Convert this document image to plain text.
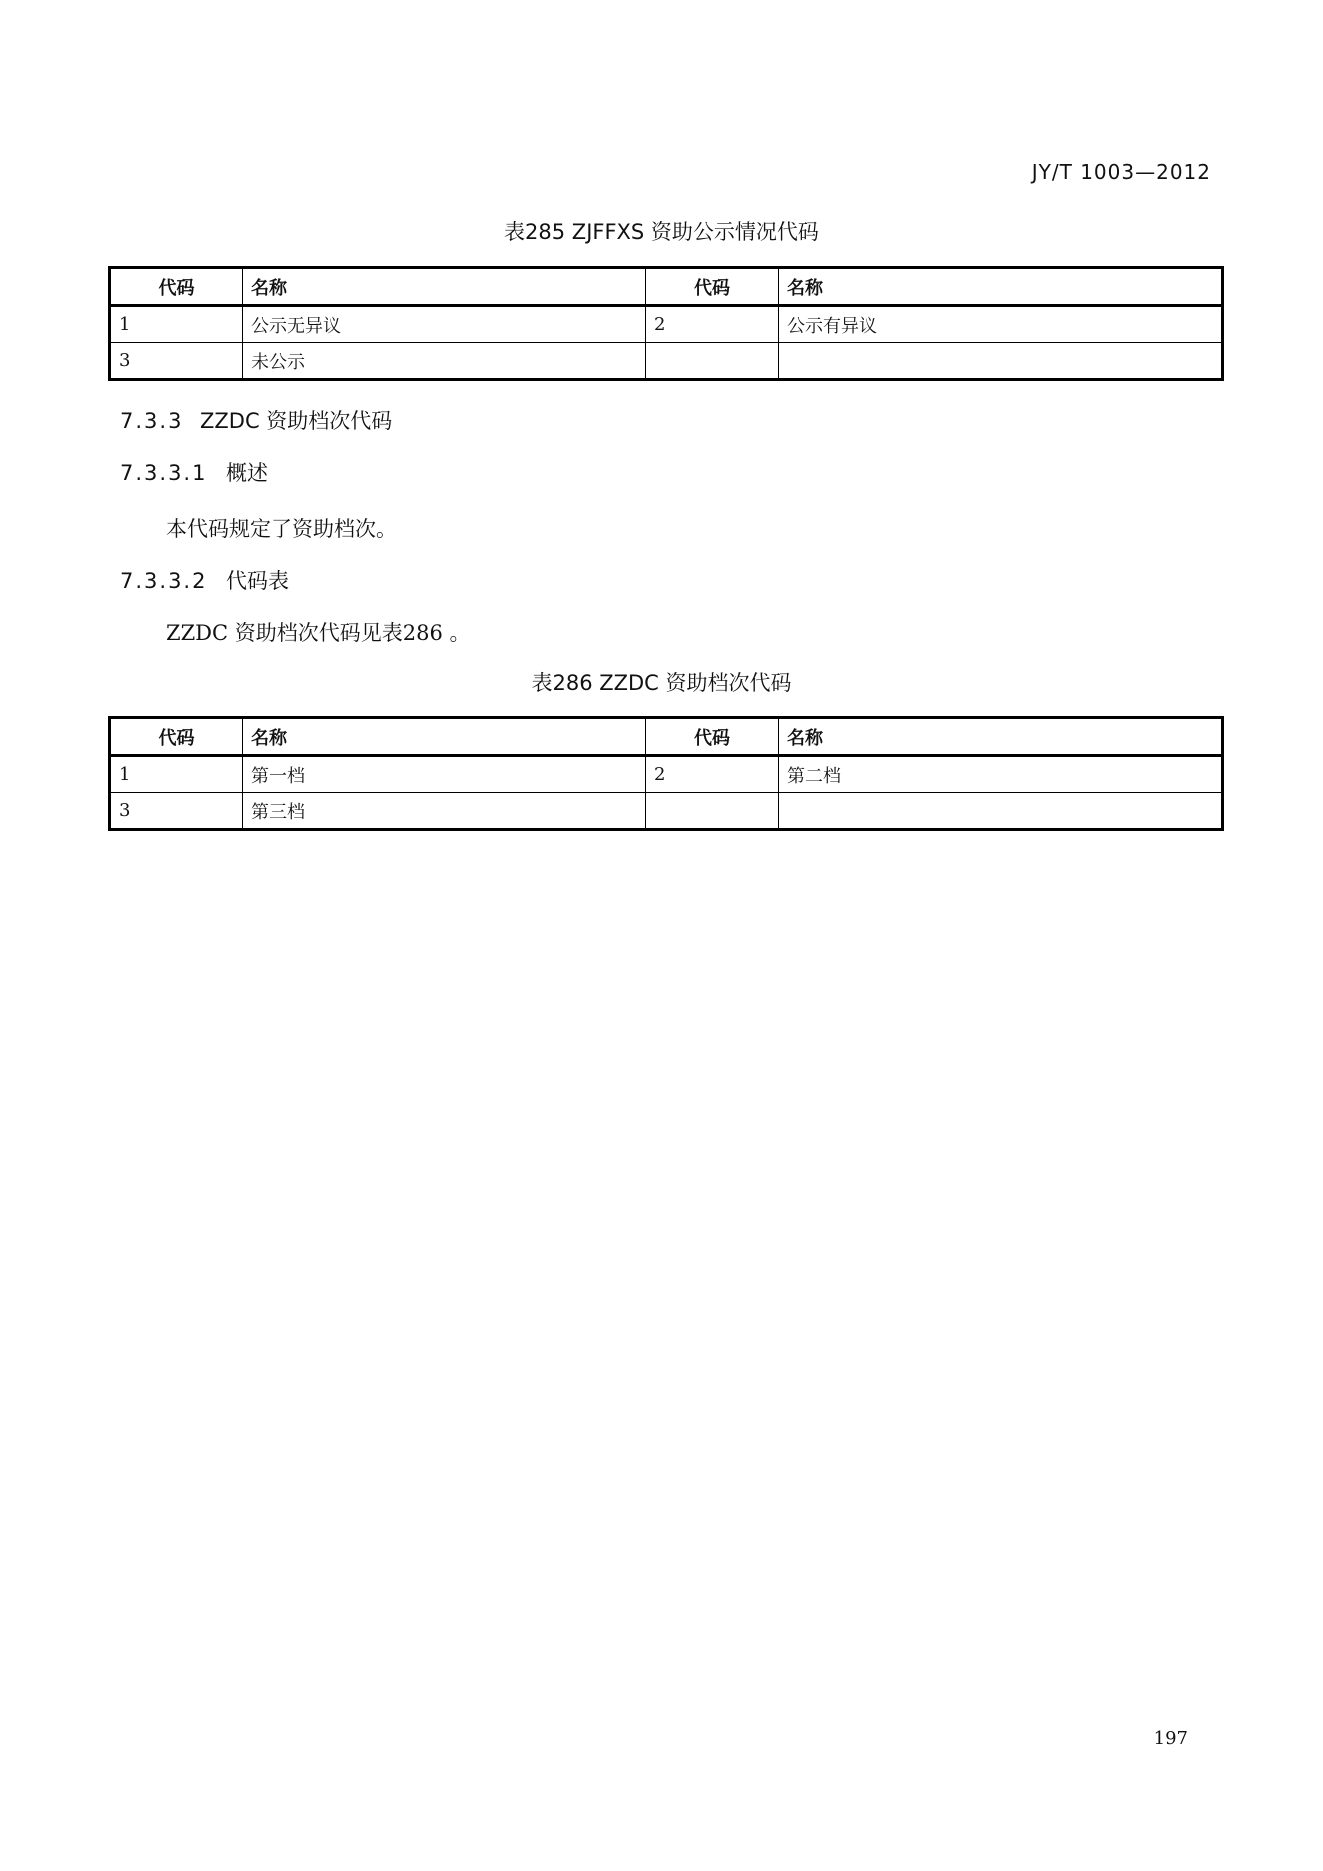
JY/T 1003—2012
表285 ZJFFXS 资助公示情况代码
代码	名称	代码	名称
1	公示无异议	2	公示有异议
3	未公示		
7.3.3 ZZDC 资助档次代码
7.3.3.1 概述
本代码规定了资助档次。
7.3.3.2 代码表
ZZDC 资助档次代码见表286 。
表286 ZZDC 资助档次代码
代码	名称	代码	名称
1	第一档	2	第二档
3	第三档		
197
